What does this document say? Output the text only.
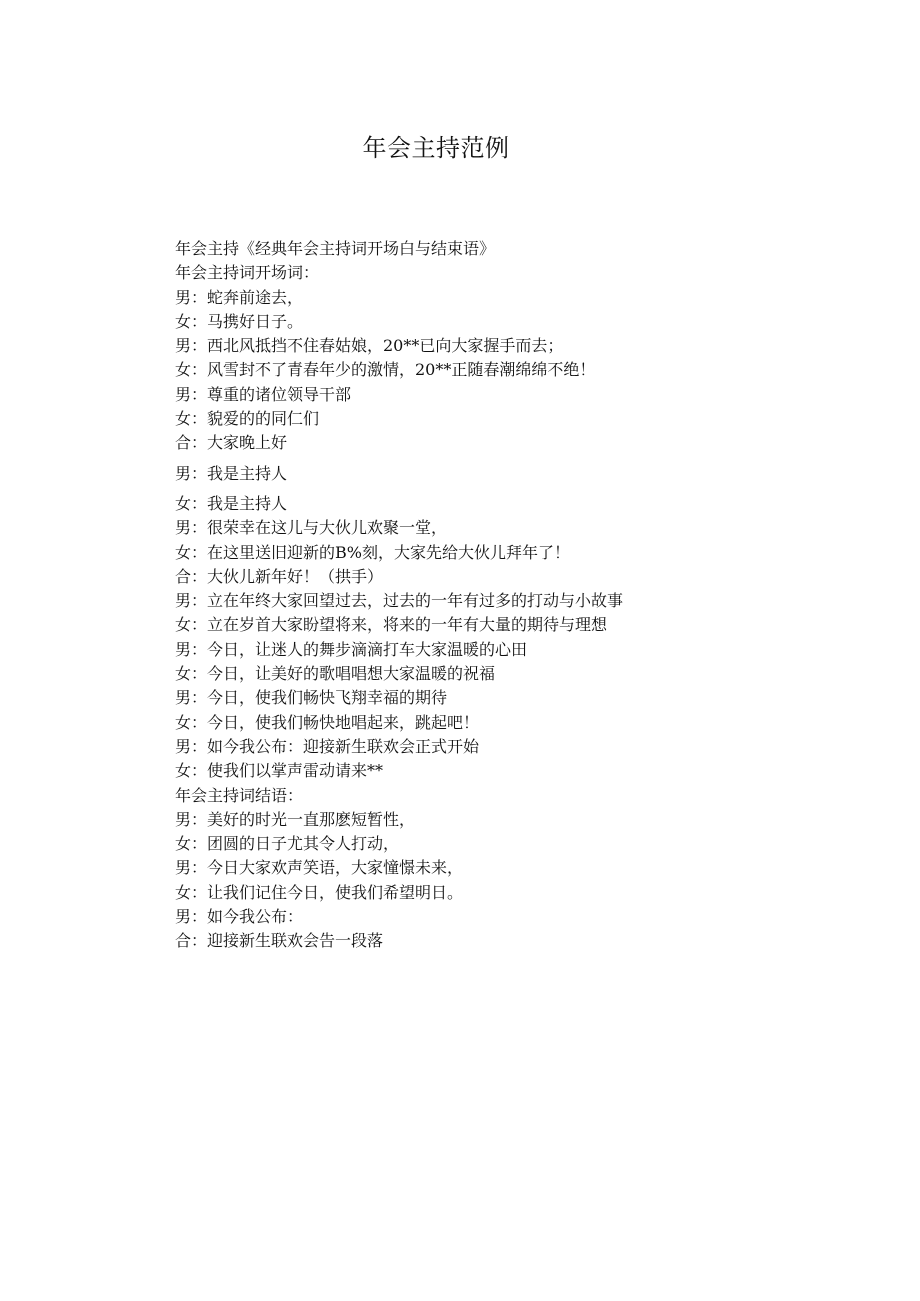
年会主持范例
年会主持《经典年会主持词开场白与结束语》
年会主持词开场词：
男：蛇奔前途去，
女：马携好日子。
男：西北风抵挡不住春姑娘，20**已向大家握手而去；
女：风雪封不了青春年少的激情，20**正随春潮绵绵不绝！
男：尊重的诸位领导干部
女：貌爱的的同仁们
合：大家晚上好
男：我是主持人
女：我是主持人
男：很荣幸在这儿与大伙儿欢聚一堂，
女：在这里送旧迎新的B%刻，大家先给大伙儿拜年了！
合：大伙儿新年好！（拱手）
男：立在年终大家回望过去，过去的一年有过多的打动与小故事
女：立在岁首大家盼望将来，将来的一年有大量的期待与理想
男：今日，让迷人的舞步滴滴打车大家温暖的心田
女：今日，让美好的歌唱唱想大家温暖的祝福
男：今日，使我们畅快飞翔幸福的期待
女：今日，使我们畅快地唱起来，跳起吧！
男：如今我公布：迎接新生联欢会正式开始
女：使我们以掌声雷动请来**
年会主持词结语：
男：美好的时光一直那麽短暂性，
女：团圆的日子尤其令人打动，
男：今日大家欢声笑语，大家憧憬未来，
女：让我们记住今日，使我们希望明日。
男：如今我公布：
合：迎接新生联欢会告一段落
